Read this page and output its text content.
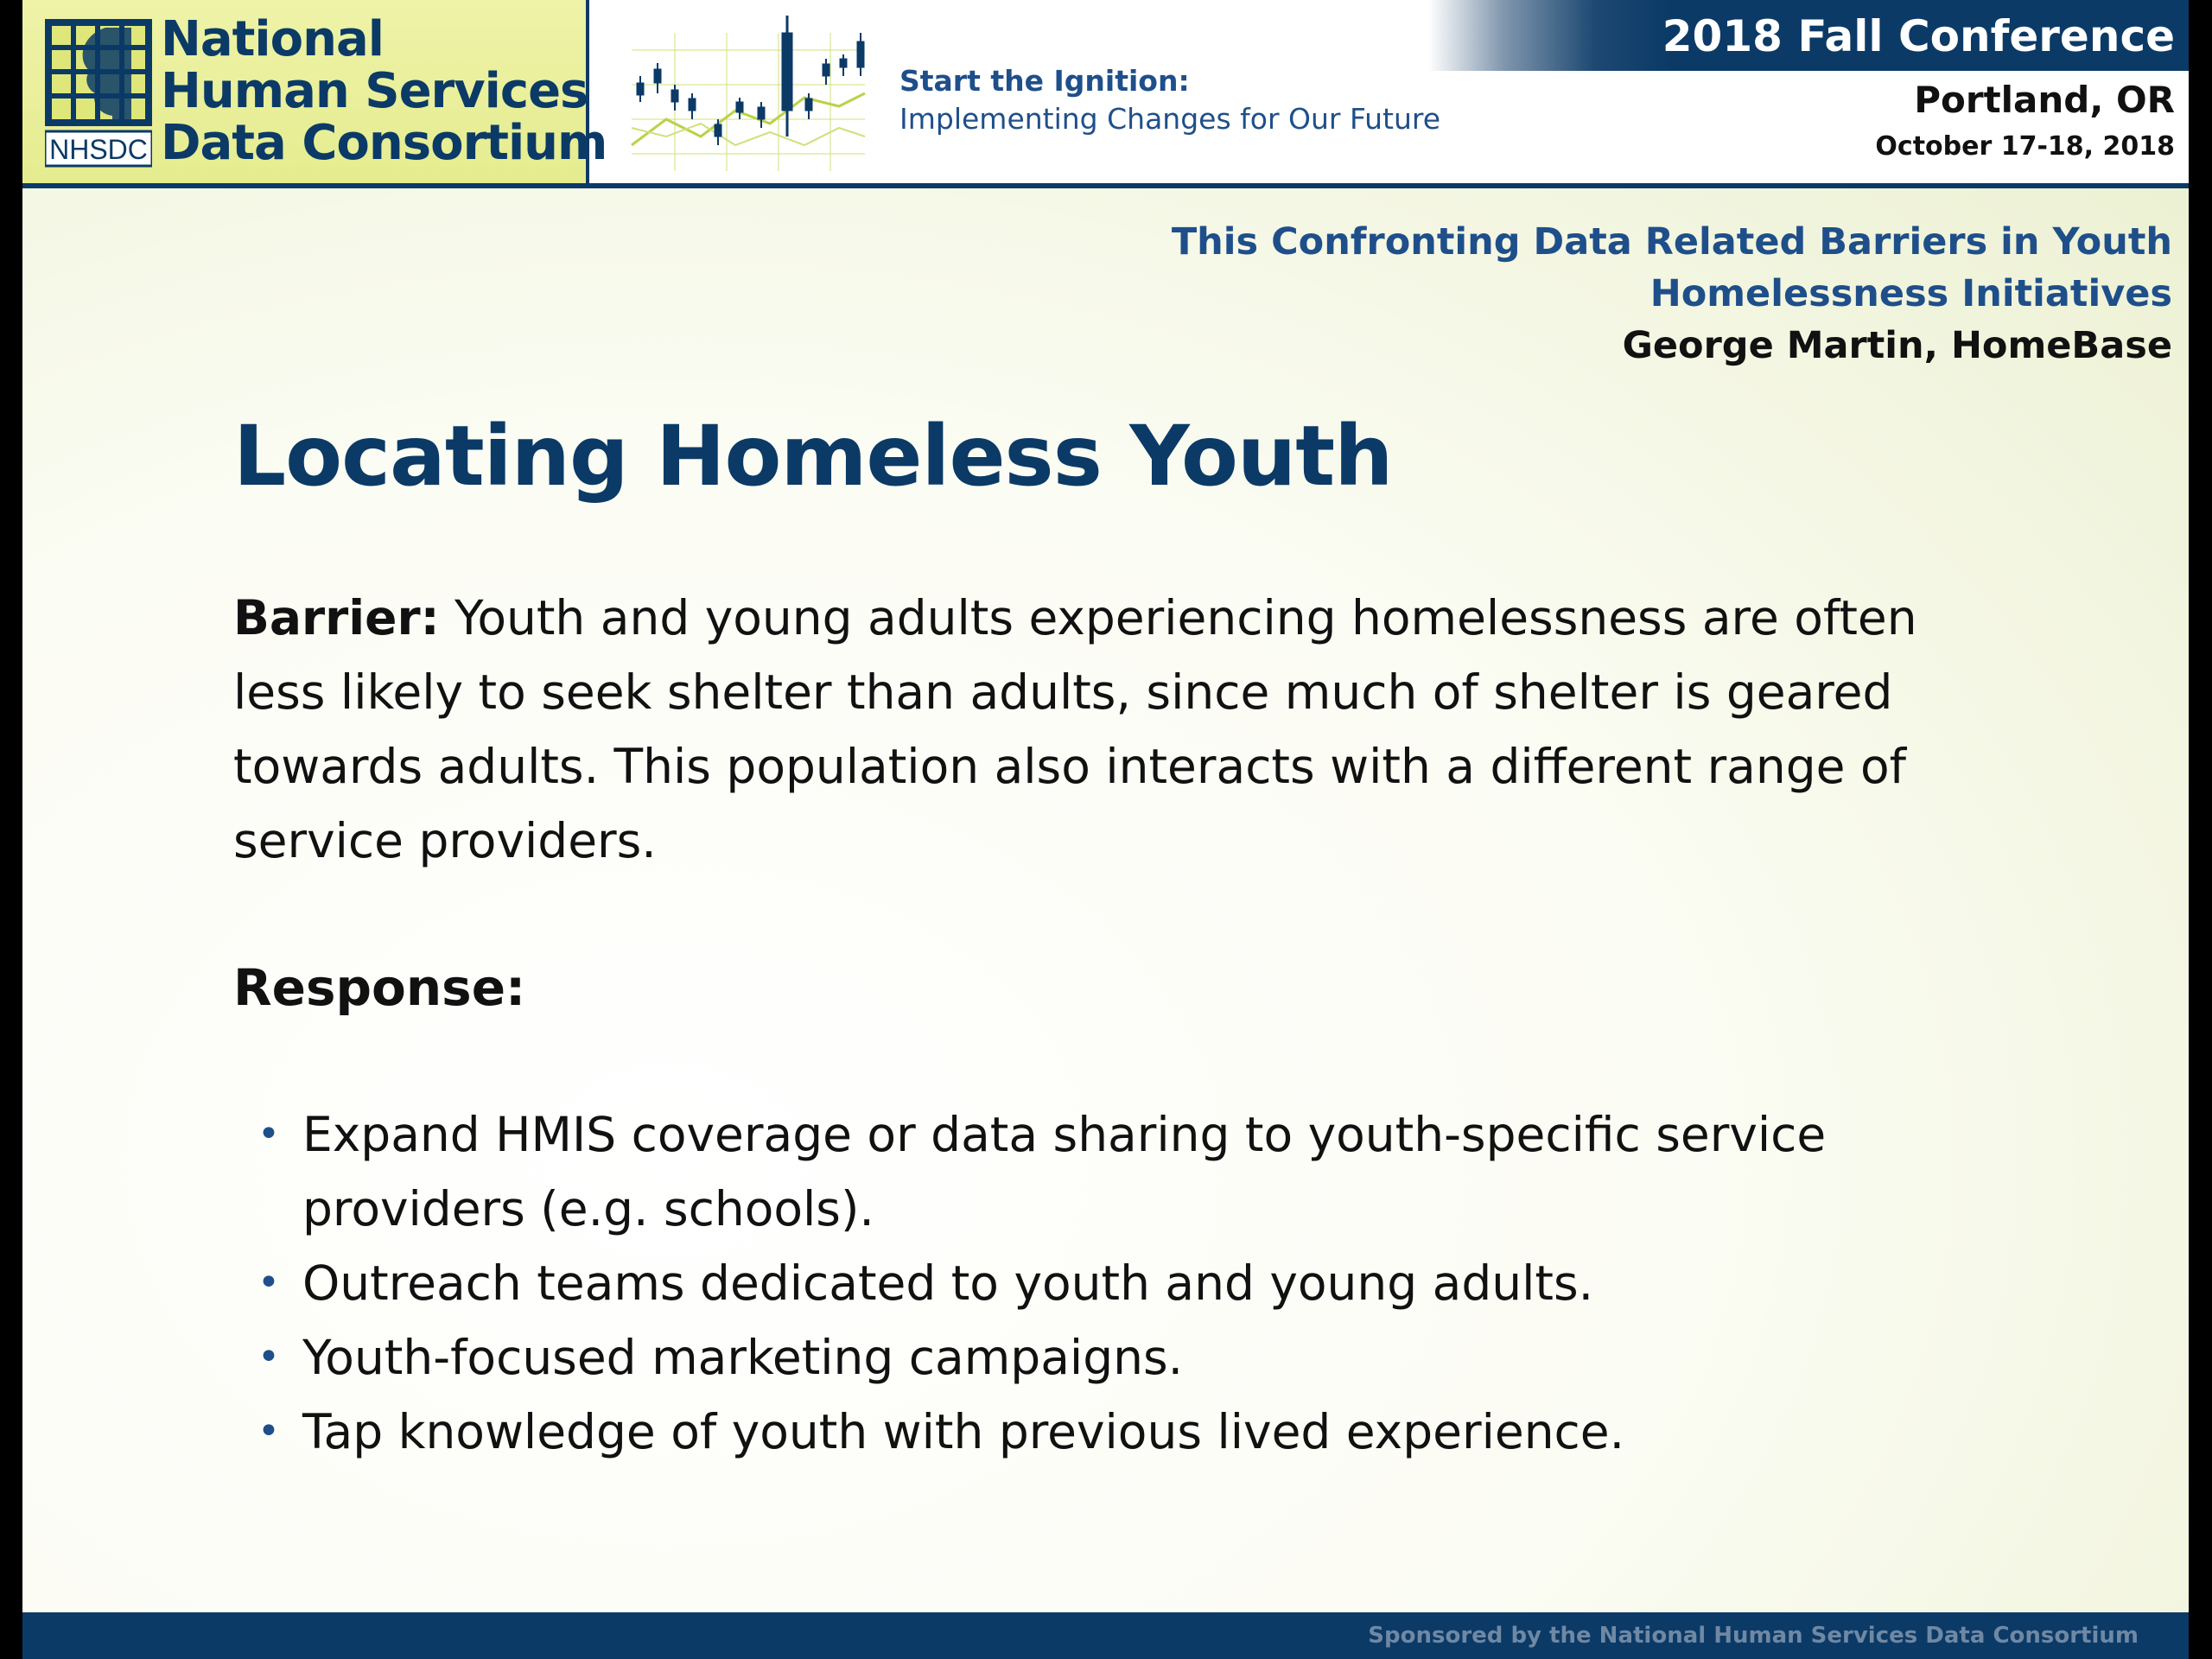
NHSDC
National
Human Services
Data Consortium
Start the Ignition:
Implementing Changes for Our Future
2018 Fall Conference
Portland, OR
October 17-18, 2018
This Confronting Data Related Barriers in Youth
Homelessness Initiatives
George Martin, HomeBase
Locating Homeless Youth

Barrier: Youth and young adults experiencing homelessness are often less likely to seek shelter than adults, since much of shelter is geared towards adults. This population also interacts with a different range of service providers.

Response:
• Expand HMIS coverage or data sharing to youth-specific service providers (e.g. schools).
• Outreach teams dedicated to youth and young adults.
• Youth-focused marketing campaigns.
• Tap knowledge of youth with previous lived experience.
Sponsored by the National Human Services Data Consortium
